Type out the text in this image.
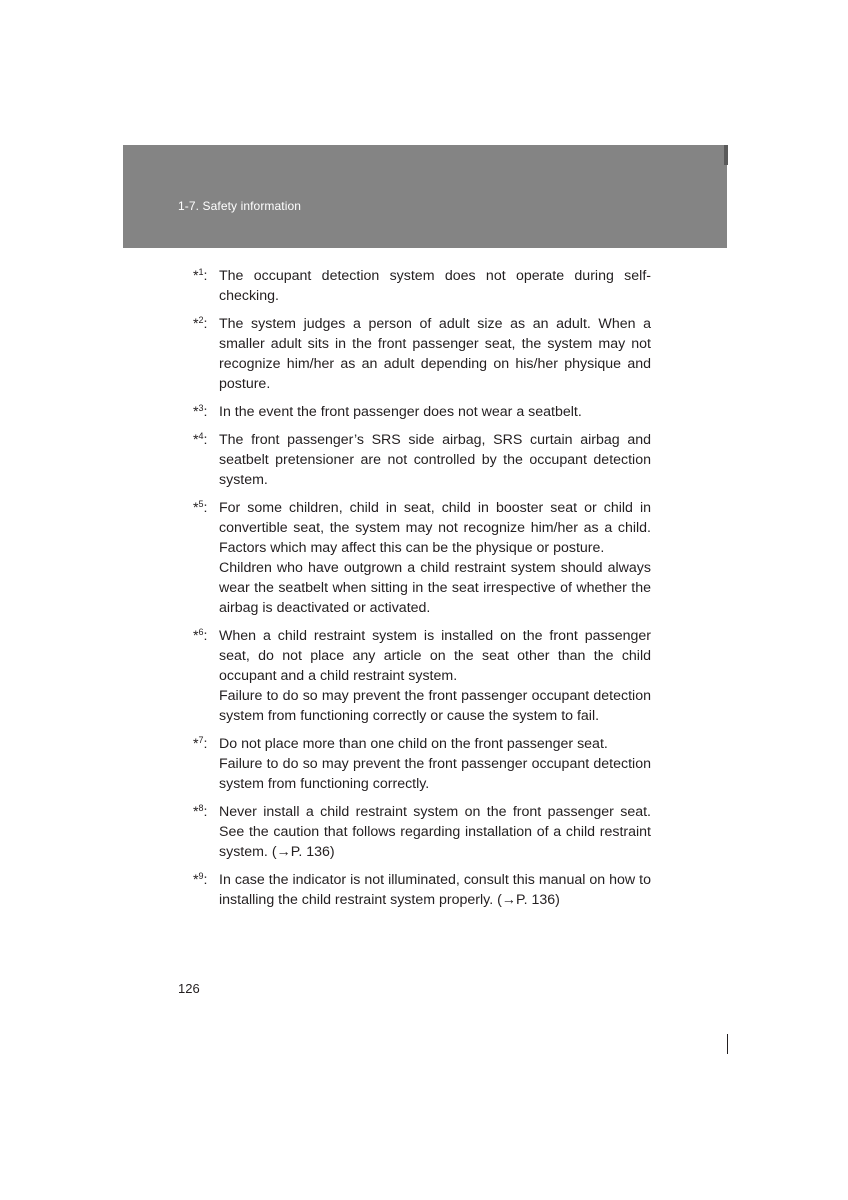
1-7. Safety information
*$^1$: The occupant detection system does not operate during self-checking.
*$^2$: The system judges a person of adult size as an adult. When a smaller adult sits in the front passenger seat, the system may not recognize him/her as an adult depending on his/her physique and posture.
*$^3$: In the event the front passenger does not wear a seatbelt.
*$^4$: The front passenger’s SRS side airbag, SRS curtain airbag and seatbelt pretensioner are not controlled by the occupant detection system.
*$^5$: For some children, child in seat, child in booster seat or child in convertible seat, the system may not recognize him/her as a child. Factors which may affect this can be the physique or posture.
Children who have outgrown a child restraint system should always wear the seatbelt when sitting in the seat irrespective of whether the airbag is deactivated or activated.
*$^6$: When a child restraint system is installed on the front passenger seat, do not place any article on the seat other than the child occupant and a child restraint system.
Failure to do so may prevent the front passenger occupant detection system from functioning correctly or cause the system to fail.
*$^7$: Do not place more than one child on the front passenger seat.
Failure to do so may prevent the front passenger occupant detection system from functioning correctly.
*$^8$: Never install a child restraint system on the front passenger seat. See the caution that follows regarding installation of a child restraint system. (→P. 136)
*$^9$: In case the indicator is not illuminated, consult this manual on how to installing the child restraint system properly. (→P. 136)
126
